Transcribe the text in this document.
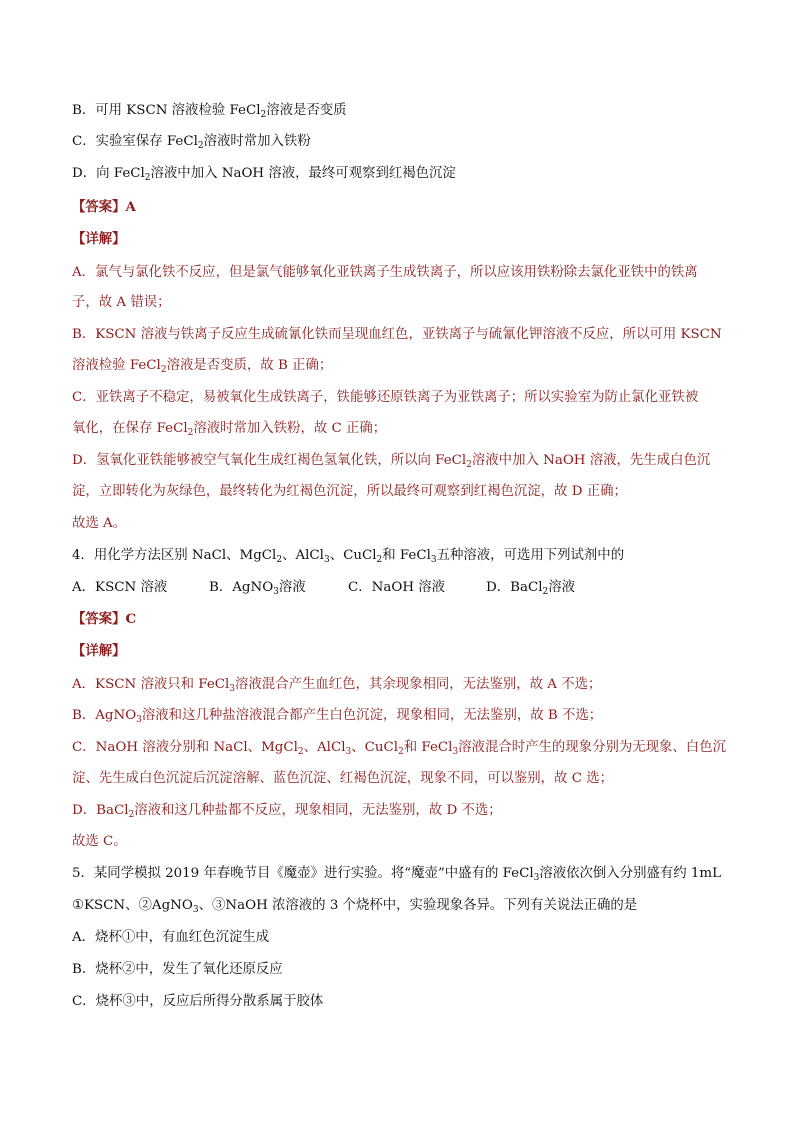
B．可用 KSCN 溶液检验 FeCl$_2$溶液是否变质
C．实验室保存 FeCl$_2$溶液时常加入铁粉
D．向 FeCl$_2$溶液中加入 NaOH 溶液，最终可观察到红褐色沉淀
【答案】A
【详解】
A．氯气与氯化铁不反应，但是氯气能够氧化亚铁离子生成铁离子，所以应该用铁粉除去氯化亚铁中的铁离
子，故 A 错误；
B．KSCN 溶液与铁离子反应生成硫氰化铁而呈现血红色，亚铁离子与硫氰化钾溶液不反应，所以可用 KSCN
溶液检验 FeCl$_2$溶液是否变质，故 B 正确；
C．亚铁离子不稳定，易被氧化生成铁离子，铁能够还原铁离子为亚铁离子；所以实验室为防止氯化亚铁被
氧化，在保存 FeCl$_2$溶液时常加入铁粉，故 C 正确；
D．氢氧化亚铁能够被空气氧化生成红褐色氢氧化铁，所以向 FeCl$_2$溶液中加入 NaOH 溶液，先生成白色沉
淀，立即转化为灰绿色，最终转化为红褐色沉淀，所以最终可观察到红褐色沉淀，故 D 正确；
故选 A。
4．用化学方法区别 NaCl、MgCl$_2$、AlCl$_3$、CuCl$_2$和 FeCl$_3$五种溶液，可选用下列试剂中的
A．KSCN 溶液	B．AgNO$_3$溶液	C．NaOH 溶液	D．BaCl$_2$溶液
【答案】C
【详解】
A．KSCN 溶液只和 FeCl$_3$溶液混合产生血红色，其余现象相同，无法鉴别，故 A 不选；
B．AgNO$_3$溶液和这几种盐溶液混合都产生白色沉淀，现象相同，无法鉴别，故 B 不选；
C．NaOH 溶液分别和 NaCl、MgCl$_2$、AlCl$_3$、CuCl$_2$和 FeCl$_3$溶液混合时产生的现象分别为无现象、白色沉
淀、先生成白色沉淀后沉淀溶解、蓝色沉淀、红褐色沉淀，现象不同，可以鉴别，故 C 选；
D．BaCl$_2$溶液和这几种盐都不反应，现象相同，无法鉴别，故 D 不选；
故选 C。
5．某同学模拟 2019 年春晚节目《魔壶》进行实验。将“魔壶”中盛有的 FeCl$_3$溶液依次倒入分别盛有约 1mL
①KSCN、②AgNO$_3$、③NaOH 浓溶液的 3 个烧杯中，实验现象各异。下列有关说法正确的是
A．烧杯①中，有血红色沉淀生成
B．烧杯②中，发生了氧化还原反应
C．烧杯③中，反应后所得分散系属于胶体
